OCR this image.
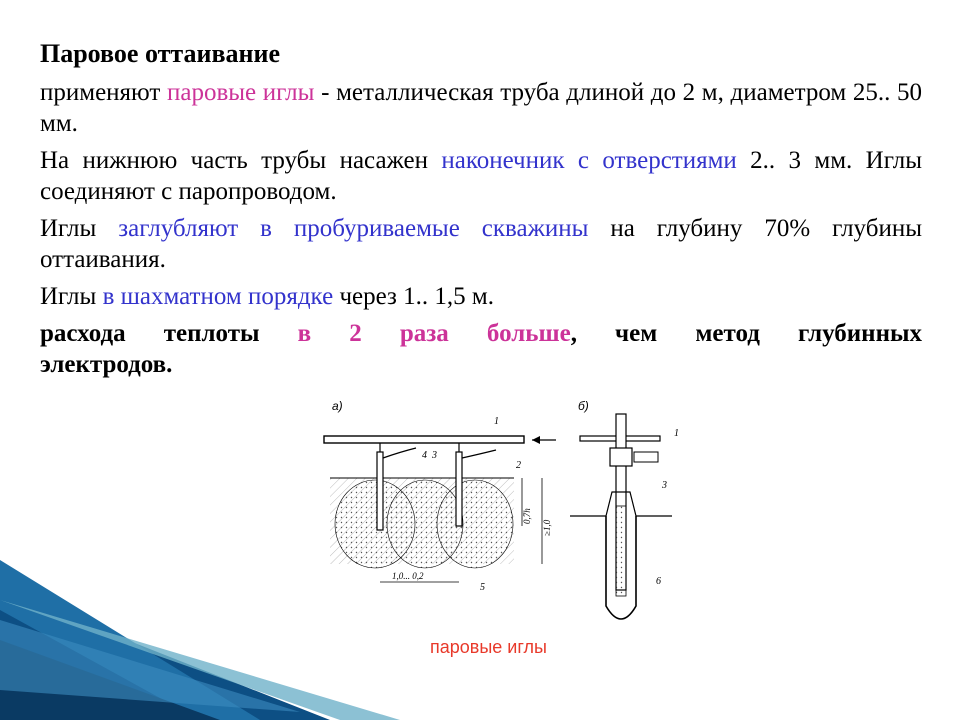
Паровое оттаивание

применяют паровые иглы - металлическая труба длиной до 2 м, диаметром 25.. 50 мм.

На нижнюю часть трубы насажен наконечник с отверстиями 2.. 3 мм. Иглы соединяют с паропроводом.

Иглы заглубляют в пробуриваемые скважины на глубину 70% глубины оттаивания.

Иглы в шахматном порядке через 1.. 1,5 м.

расхода теплоты в 2 раза больше, чем метод глубинных
электродов.

а)
1
2
3
4
5
1,0... 0,2
0,7h
≥1,0
б)
1
3
6
паровые иглы
